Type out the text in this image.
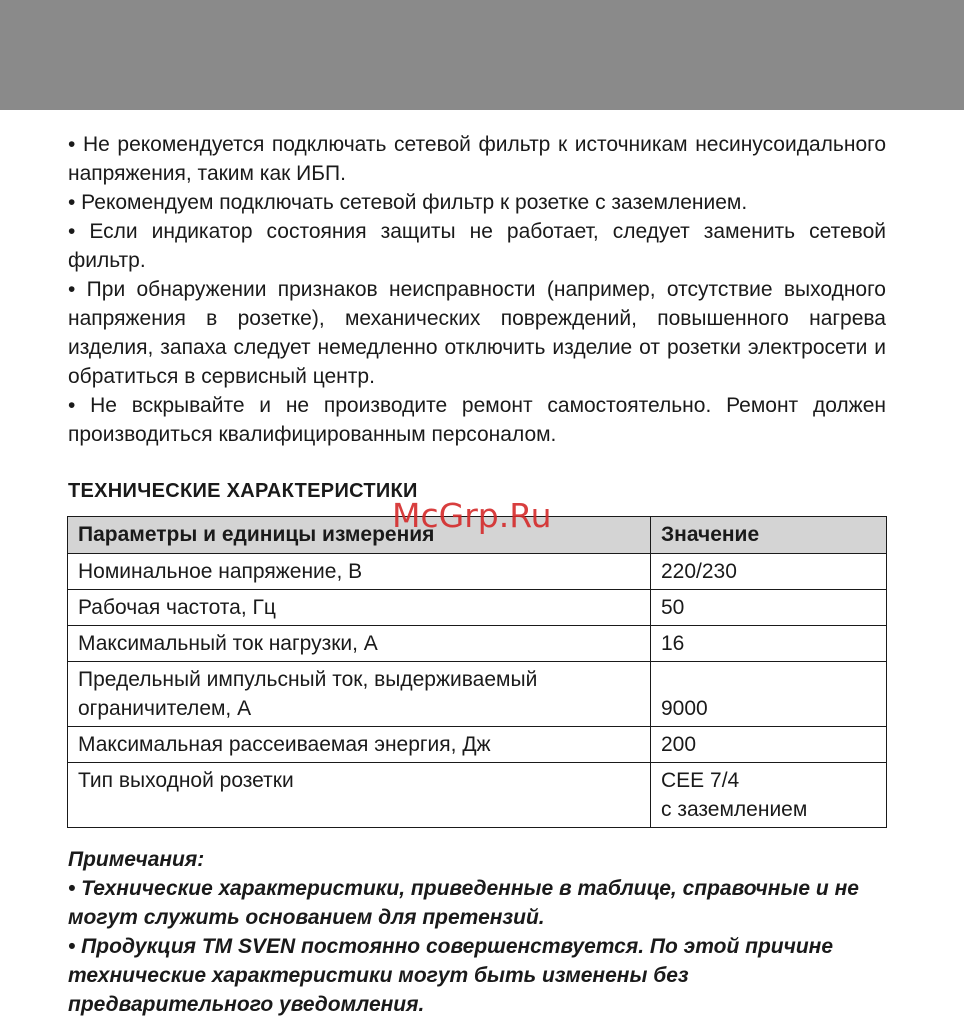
• Не рекомендуется подключать сетевой фильтр к источникам несинусоидального напряжения, таким как ИБП.

• Рекомендуем подключать сетевой фильтр к розетке с заземлением.

• Если индикатор состояния защиты не работает, следует заменить сетевой фильтр.

• При обнаружении признаков неисправности (например, отсутствие выходного напряжения в розетке), механических повреждений, повышенного нагрева изделия, запаха следует немедленно отключить изделие от розетки электросети и обратиться в сервисный центр.

• Не вскрывайте и не производите ремонт самостоятельно. Ремонт должен производиться квалифицированным персоналом.

ТЕХНИЧЕСКИЕ ХАРАКТЕРИСТИКИ
Параметры и единицы измерения	Значение
Номинальное напряжение, В	220/230
Рабочая частота, Гц	50
Максимальный ток нагрузки, А	16
Предельный импульсный ток, выдерживаемый ограничителем, А	9000
Максимальная рассеиваемая энергия, Дж	200
Тип выходной розетки	CEE 7/4
с заземлением
McGrp.Ru

Примечания:

• Технические характеристики, приведенные в таблице, справочные и не могут служить основанием для претензий.

• Продукция TM SVEN постоянно совершенствуется. По этой причине технические характеристики могут быть изменены без предварительного уведомления.
